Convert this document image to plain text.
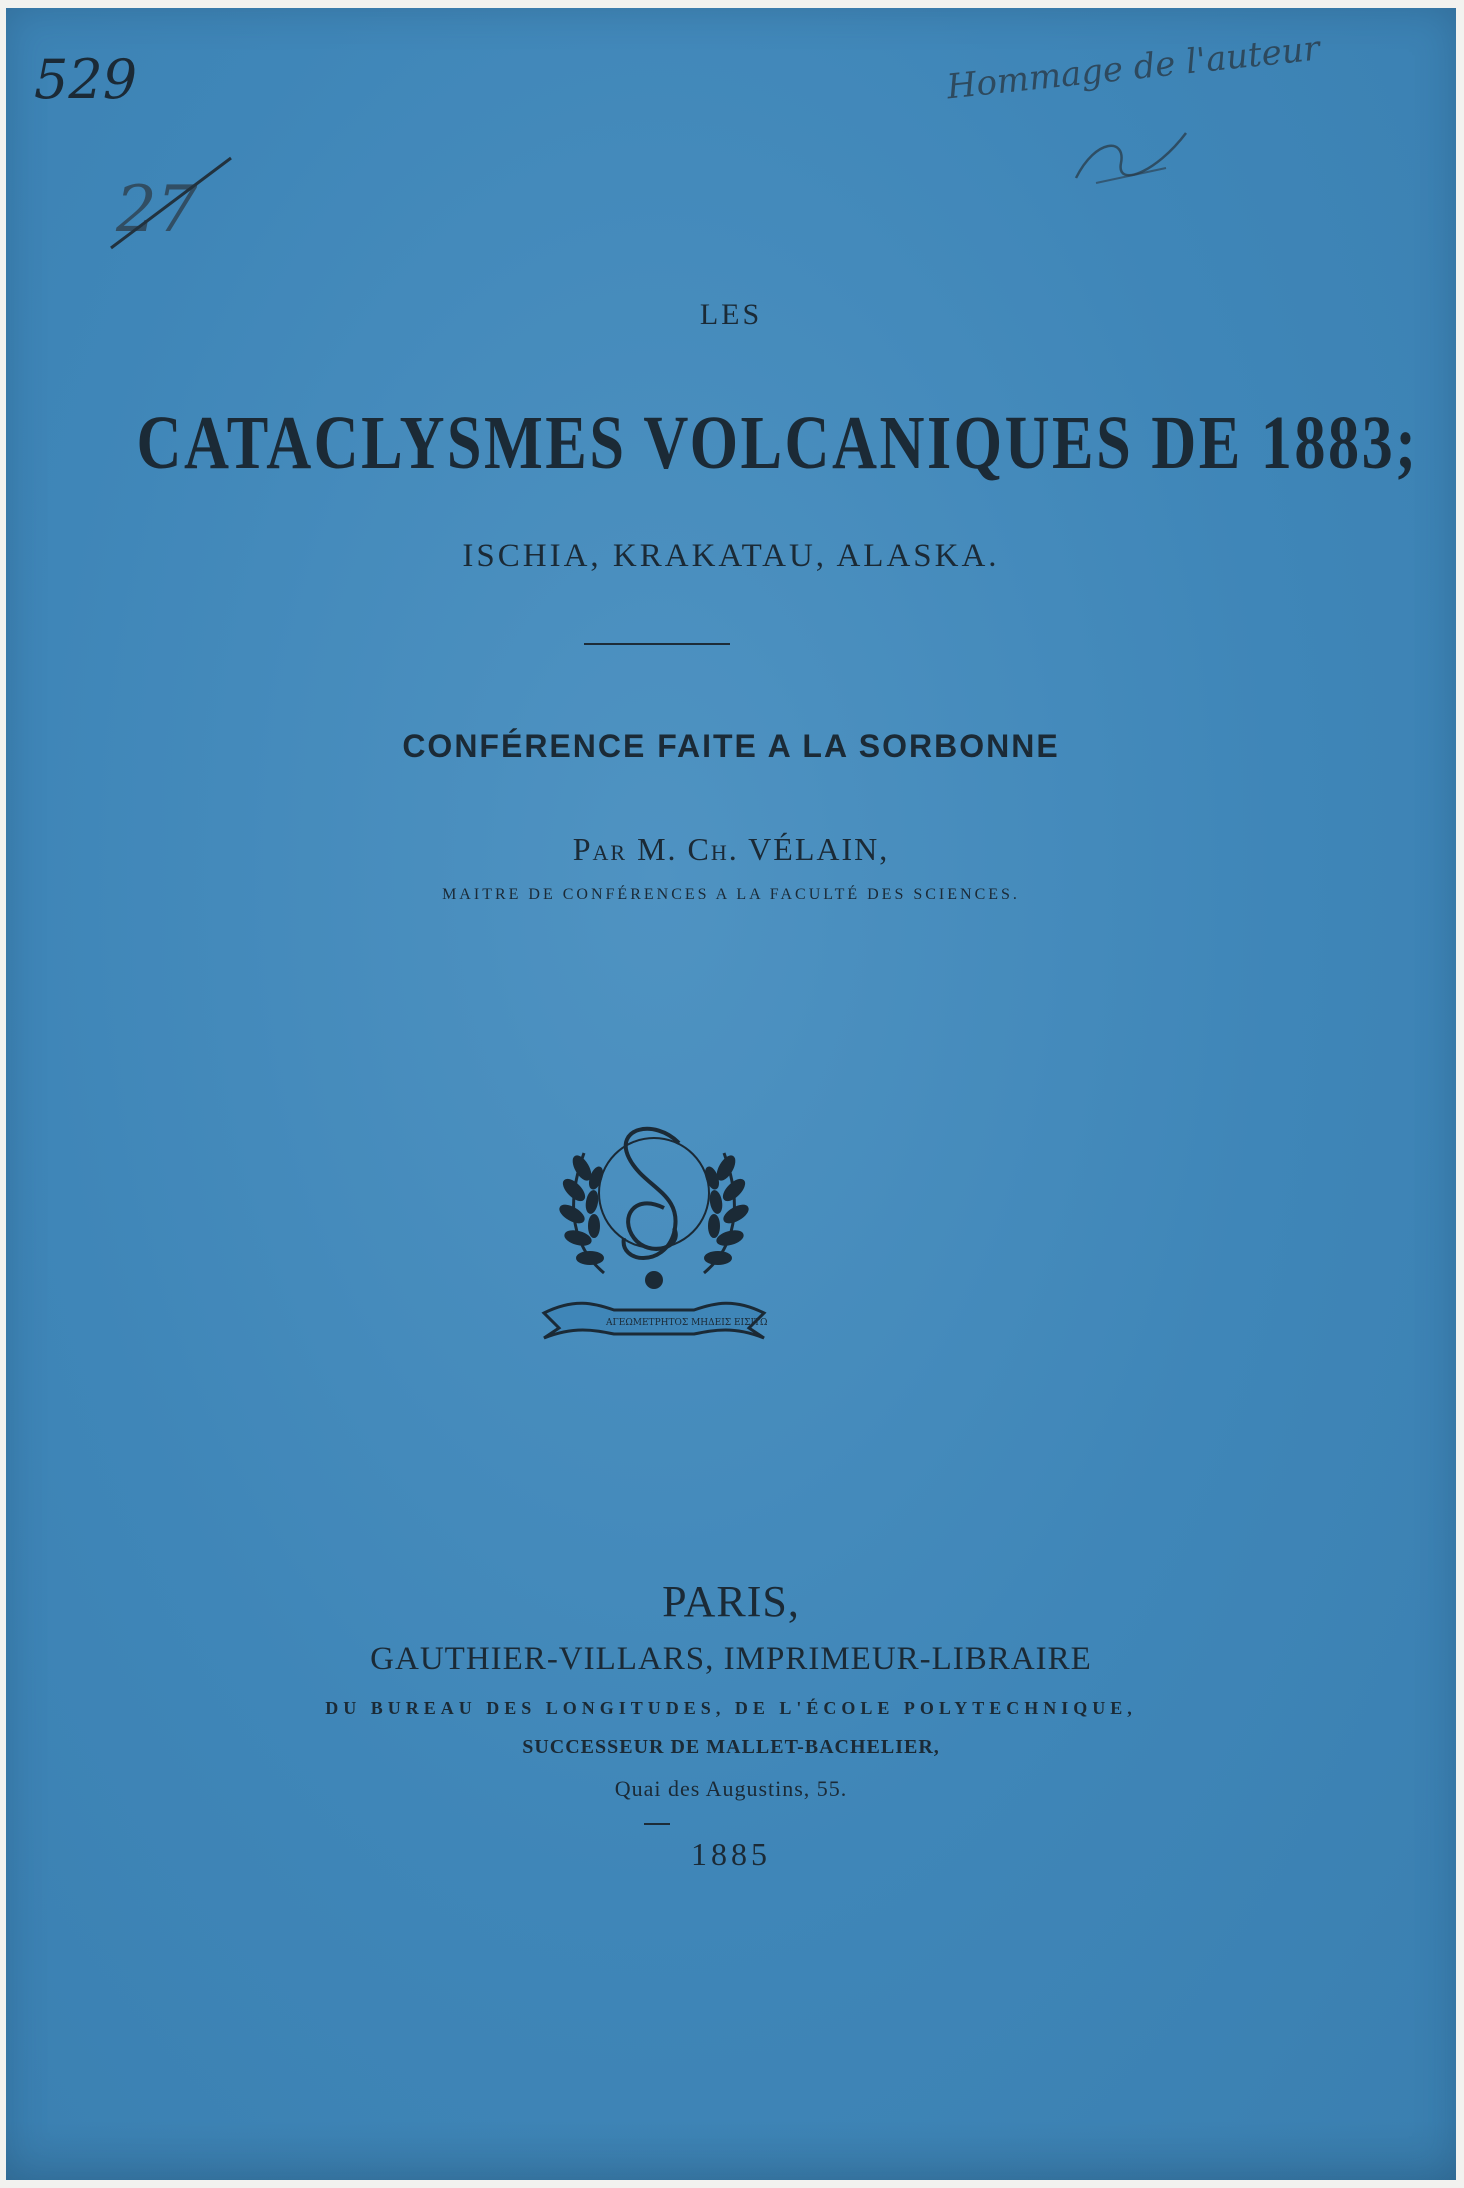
529
27
Hommage de l'auteur

LES

CATACLYSMES VOLCANIQUES DE 1883;

ISCHIA, KRAKATAU, ALASKA.

CONFÉRENCE FAITE A LA SORBONNE

Par M. Ch. VÉLAIN,

MAITRE DE CONFÉRENCES A LA FACULTÉ DES SCIENCES.

ΑΓΕΩΜΕΤΡΗΤΟΣ ΜΗΔΕΙΣ ΕΙΣΙΤΩ

PARIS,

GAUTHIER-VILLARS, IMPRIMEUR-LIBRAIRE

DU BUREAU DES LONGITUDES, DE L'ÉCOLE POLYTECHNIQUE,

SUCCESSEUR DE MALLET-BACHELIER,

Quai des Augustins, 55.

1885
